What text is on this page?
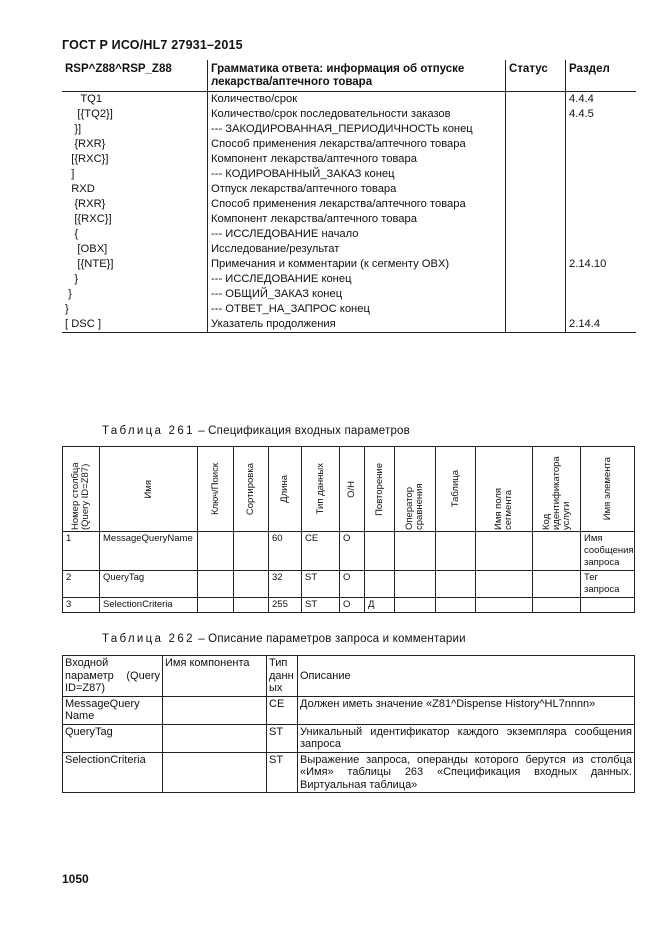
ГОСТ Р ИСО/HL7 27931–2015
RSP^Z88^RSP_Z88	Грамматика ответа: информация об отпуске лекарства/аптечного товара	Статус	Раздел
TQ1	Количество/срок		4.4.4
[{TQ2}]	Количество/срок последовательности заказов		4.4.5
}]	--- ЗАКОДИРОВАННАЯ_ПЕРИОДИЧНОСТЬ конец		
{RXR}	Способ применения лекарства/аптечного товара		
[{RXC}]	Компонент лекарства/аптечного товара		
]	--- КОДИРОВАННЫЙ_ЗАКАЗ конец		
RXD	Отпуск лекарства/аптечного товара		
{RXR}	Способ применения лекарства/аптечного товара		
[{RXC}]	Компонент лекарства/аптечного товара		
{	--- ИССЛЕДОВАНИЕ начало		
[OBX]	Исследование/результат		
[{NTE}]	Примечания и комментарии (к сегменту OBX)		2.14.10
}	--- ИССЛЕДОВАНИЕ конец		
}	--- ОБЩИЙ_ЗАКАЗ конец		
}	--- ОТВЕТ_НА_ЗАПРОС конец		
[ DSC ]	Указатель продолжения		2.14.4
Таблица 261 – Спецификация входных параметров
Номер столбца (Query ID=Z87)	Имя	Ключ/Поиск	Сортировка	Длина	Тип данных	О/Н	Повторение	Оператор сравнения	Таблица	Имя поля сегмента	Код идентификатора услуги	Имя элемента

1	MessageQueryName			60	CE	O						Имя сообщения запроса
2	QueryTag			32	ST	O						Тег запроса
3	SelectionCriteria			255	ST	O	Д					
Таблица 262 – Описание параметров запроса и комментарии
Входной параметр (Query ID=Z87)	Имя компонента	Тип данных	Описание
MessageQuery Name		CE	Должен иметь значение «Z81^Dispense History^HL7nnnn»
QueryTag		ST	Уникальный идентификатор каждого экземпляра сообщения запроса
SelectionCriteria		ST	Выражение запроса, операнды которого берутся из столбца «Имя» таблицы 263 «Спецификация входных данных. Виртуальная таблица»
1050
